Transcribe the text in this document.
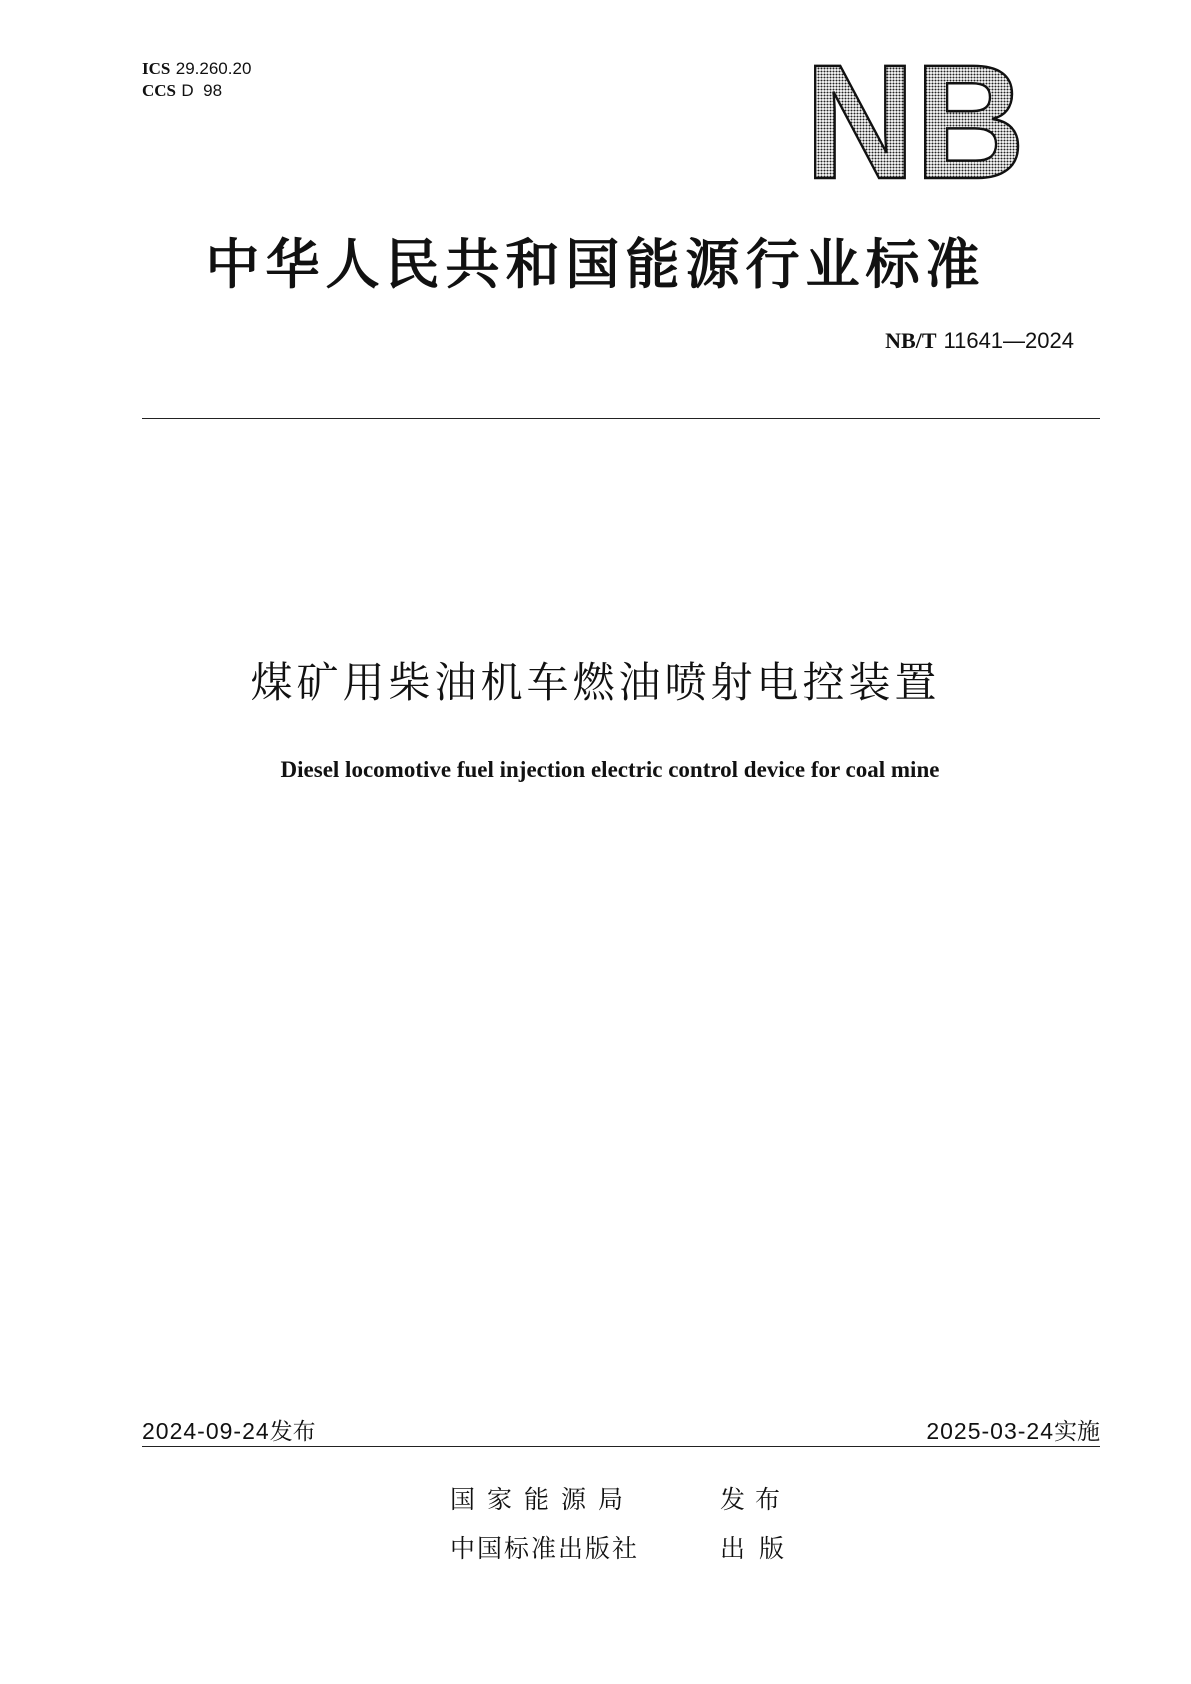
ICS 29.260.20
CCS D  98	NB
中华人民共和国能源行业标准
NB/T 11641—2024
煤矿用柴油机车燃油喷射电控装置
Diesel locomotive fuel injection electric control device for coal mine
2024-09-24发布	2025-03-24实施
国家能源局	发布
中国标准出版社	出版
